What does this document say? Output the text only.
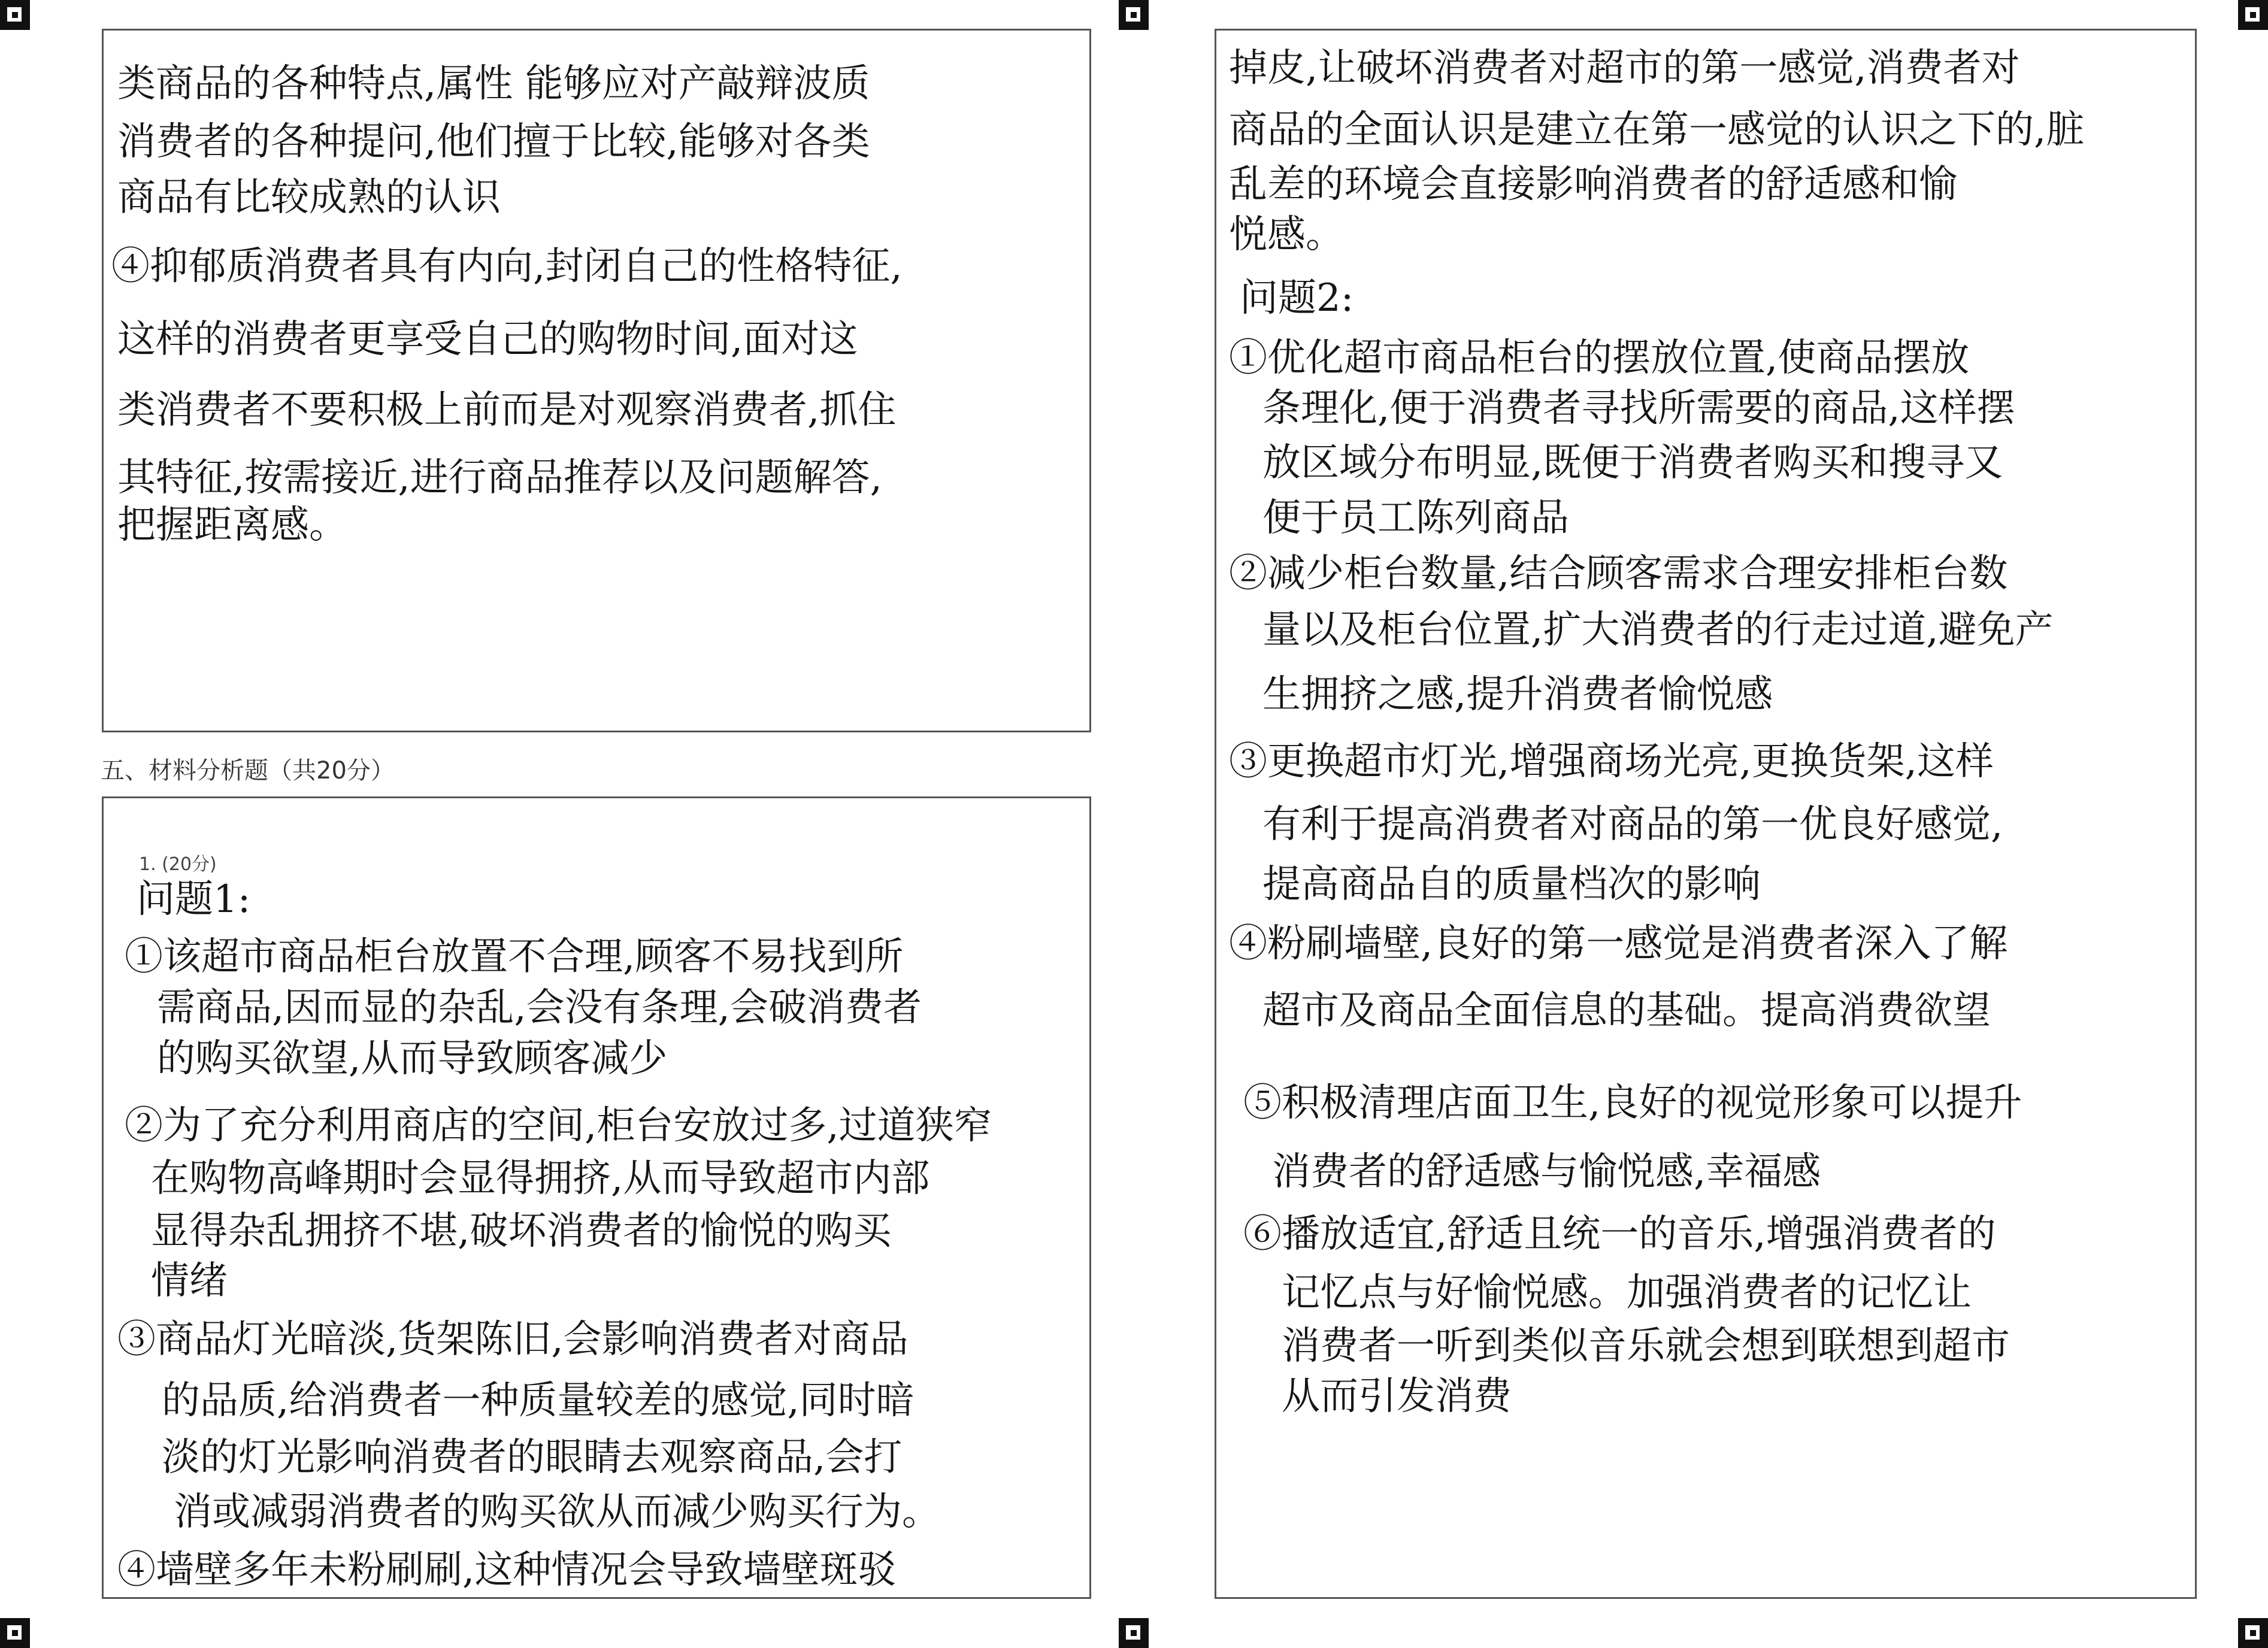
类商品的各种特点,属性 能够应对产敲辩波质
消费者的各种提问,他们擅于比较,能够对各类
商品有比较成熟的认识
④抑郁质消费者具有内向,封闭自己的性格特征,
这样的消费者更享受自己的购物时间,面对这
类消费者不要积极上前而是对观察消费者,抓住
其特征,按需接近,进行商品推荐以及问题解答,
把握距离感。
五、材料分析题（共20分）
1. (20分)
问题1:
①该超市商品柜台放置不合理,顾客不易找到所
需商品,因而显的杂乱,会没有条理,会破消费者
的购买欲望,从而导致顾客减少
②为了充分利用商店的空间,柜台安放过多,过道狭窄
在购物高峰期时会显得拥挤,从而导致超市内部
显得杂乱拥挤不堪,破坏消费者的愉悦的购买
情绪
③商品灯光暗淡,货架陈旧,会影响消费者对商品
的品质,给消费者一种质量较差的感觉,同时暗
淡的灯光影响消费者的眼睛去观察商品,会打
消或减弱消费者的购买欲从而减少购买行为。
④墙壁多年未粉刷刷,这种情况会导致墙壁斑驳
掉皮,让破坏消费者对超市的第一感觉,消费者对
商品的全面认识是建立在第一感觉的认识之下的,脏
乱差的环境会直接影响消费者的舒适感和愉
悦感。
问题2:
①优化超市商品柜台的摆放位置,使商品摆放
条理化,便于消费者寻找所需要的商品,这样摆
放区域分布明显,既便于消费者购买和搜寻又
便于员工陈列商品
②减少柜台数量,结合顾客需求合理安排柜台数
量以及柜台位置,扩大消费者的行走过道,避免产
生拥挤之感,提升消费者愉悦感
③更换超市灯光,增强商场光亮,更换货架,这样
有利于提高消费者对商品的第一优良好感觉,
提高商品自的质量档次的影响
④粉刷墙壁,良好的第一感觉是消费者深入了解
超市及商品全面信息的基础。提高消费欲望
⑤积极清理店面卫生,良好的视觉形象可以提升
消费者的舒适感与愉悦感,幸福感
⑥播放适宜,舒适且统一的音乐,增强消费者的
记忆点与好愉悦感。加强消费者的记忆让
消费者一听到类似音乐就会想到联想到超市
从而引发消费
